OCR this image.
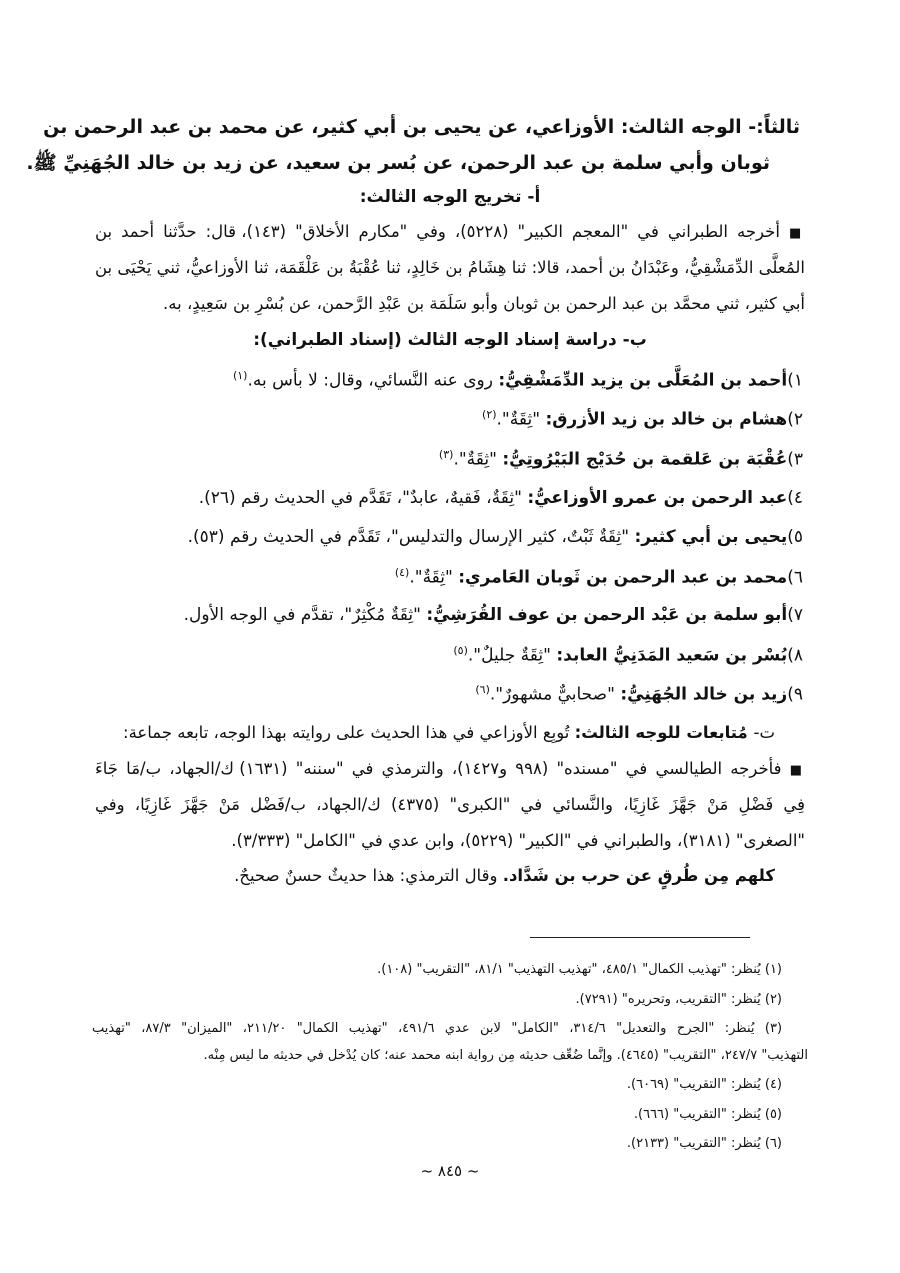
ثالثاً:- الوجه الثالث: الأوزاعي، عن يحيى بن أبي كثير، عن محمد بن عبد الرحمن بن
ثوبان وأبي سلمة بن عبد الرحمن، عن بُسر بن سعيد، عن زيد بن خالد الجُهَنِيِّ ﷺ.
أ- تخريج الوجه الثالث:
■ أخرجه الطبراني في "المعجم الكبير" (٥٢٢٨)، وفي "مكارم الأخلاق" (١٤٣)، قال: حدَّثنا أحمد بن
المُعلَّى الدِّمَشْقِيُّ، وعَبْدَانُ بن أحمد، قالا: ثنا هِشَامُ بن خَالِدٍ، ثنا عُقْبَةُ بن عَلْقَمَة، ثنا الأوزاعيُّ، ثني يَحْيَى بن
أبي كثير، ثني محمَّد بن عبد الرحمن بن ثوبان وأبو سَلَمَة بن عَبْدِ الرَّحمن، عن بُسْرِ بن سَعِيدٍ، به.
ب- دراسة إسناد الوجه الثالث (إسناد الطبراني):
١)أحمد بن المُعَلَّى بن يزيد الدِّمَشْقِيُّ: روى عنه النَّسائي، وقال: لا بأس به.$^{(١)}$
٢)هشام بن خالد بن زيد الأزرق: "ثِقَةٌ".$^{(٢)}$
٣)عُقْبَة بن عَلقمة بن حُدَيْج البَيْرُوتِيُّ: "ثِقَةٌ".$^{(٣)}$
٤)عبد الرحمن بن عمرو الأوزاعيُّ: "ثِقَةٌ، فَقيهٌ، عابدٌ"، تَقَدَّم في الحديث رقم (٢٦).
٥)يحيى بن أبي كثير: "ثِقَةٌ ثَبْتٌ، كثير الإرسال والتدليس"، تَقَدَّم في الحديث رقم (٥٣).
٦)محمد بن عبد الرحمن بن ثَوبان العَامري: "ثِقَةٌ".$^{(٤)}$
٧)أبو سلمة بن عَبْد الرحمن بن عوف القُرَشِيُّ: "ثِقَةٌ مُكْثِرٌ"، تقدَّم في الوجه الأول.
٨)بُسْر بن سَعيد المَدَنِيُّ العابد: "ثِقَةٌ جليلٌ".$^{(٥)}$
٩)زيد بن خالد الجُهَنِيُّ: "صحابيٌّ مشهورٌ".$^{(٦)}$
ت- مُتابعات للوجه الثالث: تُوبِع الأوزاعي في هذا الحديث على روايته بهذا الوجه، تابعه جماعة:
■ فأخرجه الطيالسي في "مسنده" (٩٩٨ و١٤٢٧)، والترمذي في "سننه" (١٦٣١) ك/الجهاد، ب/مَا جَاءَ
فِي فَضْلِ مَنْ جَهَّزَ غَازِيًا، والنَّسائي في "الكبرى" (٤٣٧٥) ك/الجهاد، ب/فَضْل مَنْ جَهَّزَ غَازِيًا، وفي
"الصغرى" (٣١٨١)، والطبراني في "الكبير" (٥٢٢٩)، وابن عدي في "الكامل" (٣/٣٣٣).
كلهم مِن طُرقٍ عن حرب بن شَدَّاد. وقال الترمذي: هذا حديثٌ حسنٌ صحيحٌ.
(١) يُنظر: "تهذيب الكمال" ٤٨٥/١، "تهذيب التهذيب" ٨١/١، "التقريب" (١٠٨).
(٢) يُنظر: "التقريب، وتحريره" (٧٢٩١).
(٣) يُنظر: "الجرح والتعديل" ٣١٤/٦، "الكامل" لابن عدي ٤٩١/٦، "تهذيب الكمال" ٢١١/٢٠، "الميزان" ٨٧/٣، "تهذيب
التهذيب" ٢٤٧/٧، "التقريب" (٤٦٤٥). وإنَّما ضُعِّف حديثه مِن رواية ابنه محمد عنه؛ كان يُدْخل في حديثه ما ليس مِنْه.
(٤) يُنظر: "التقريب" (٦٠٦٩).
(٥) يُنظر: "التقريب" (٦٦٦).
(٦) يُنظر: "التقريب" (٢١٣٣).
~ ٨٤٥ ~
